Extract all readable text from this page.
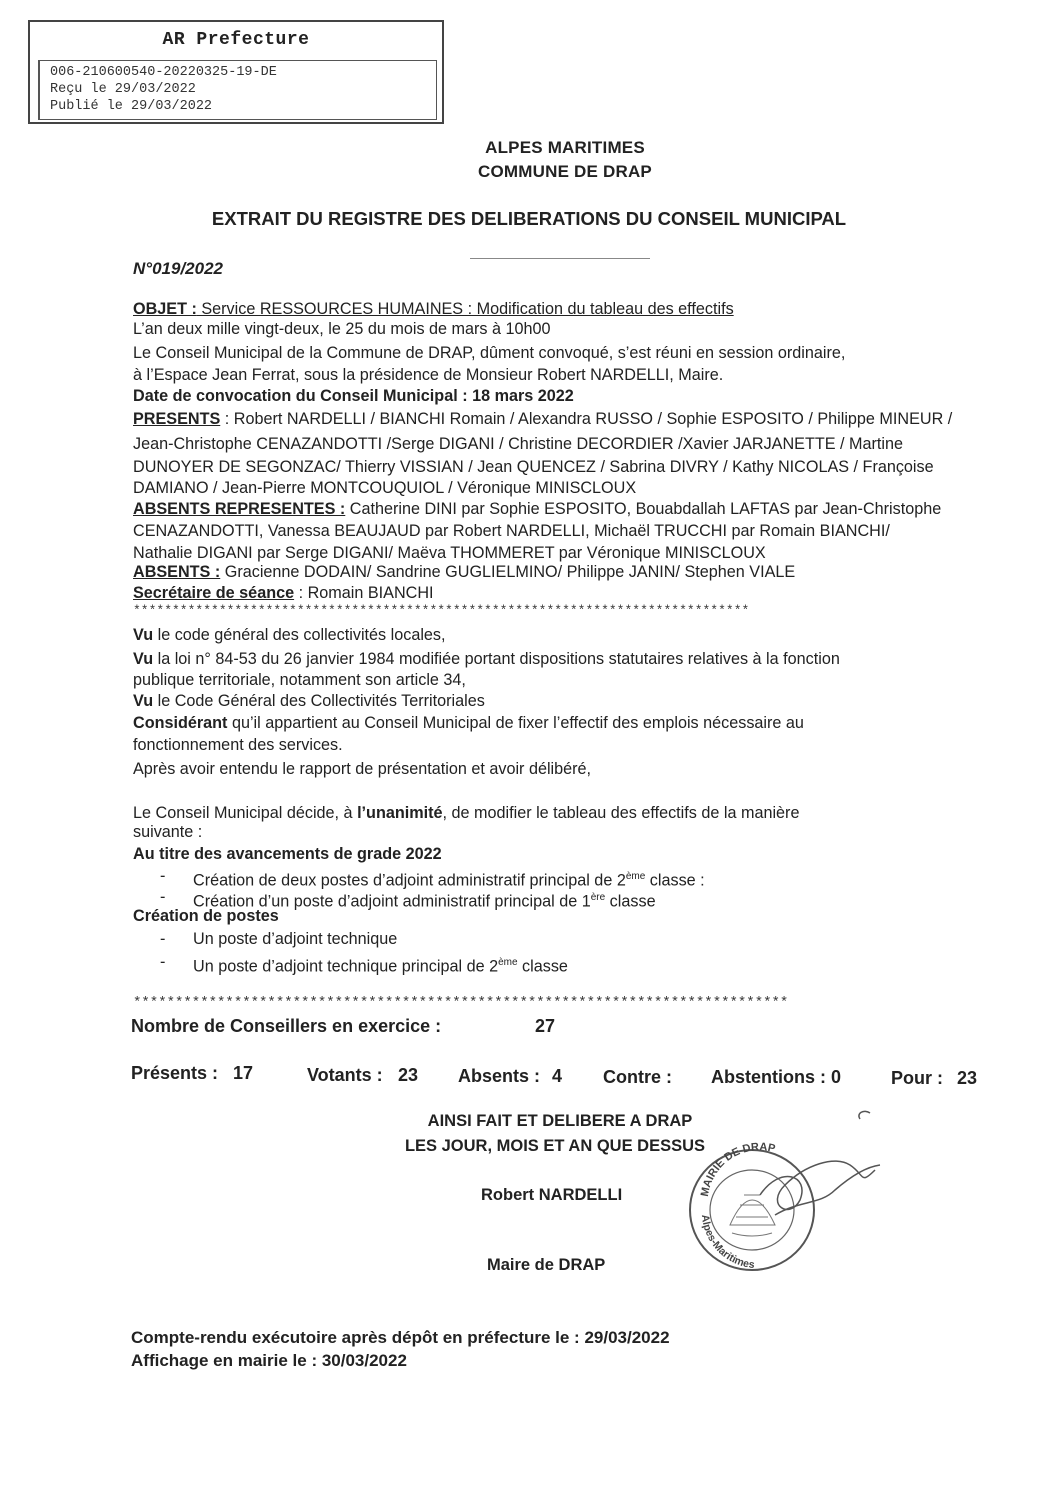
AR Prefecture
006-210600540-20220325-19-DE
Reçu le 29/03/2022
Publié le 29/03/2022
ALPES MARITIMES
COMMUNE DE DRAP
EXTRAIT DU REGISTRE DES DELIBERATIONS DU CONSEIL MUNICIPAL
N°019/2022
OBJET : Service RESSOURCES HUMAINES : Modification du tableau des effectifs
L’an deux mille vingt-deux, le 25 du mois de mars à 10h00
Le Conseil Municipal de la Commune de DRAP, dûment convoqué, s’est réuni en session ordinaire,
à l’Espace Jean Ferrat, sous la présidence de Monsieur Robert NARDELLI, Maire.
Date de convocation du Conseil Municipal : 18 mars 2022
PRESENTS : Robert NARDELLI / BIANCHI Romain / Alexandra RUSSO / Sophie ESPOSITO / Philippe MINEUR /
Jean-Christophe CENAZANDOTTI /Serge DIGANI / Christine DECORDIER /Xavier JARJANETTE / Martine
DUNOYER DE SEGONZAC/ Thierry VISSIAN / Jean QUENCEZ / Sabrina DIVRY / Kathy NICOLAS / Françoise
DAMIANO / Jean-Pierre MONTCOUQUIOL / Véronique MINISCLOUX
ABSENTS REPRESENTES : Catherine DINI par Sophie ESPOSITO, Bouabdallah LAFTAS par Jean-Christophe
CENAZANDOTTI, Vanessa BEAUJAUD par Robert NARDELLI, Michaël TRUCCHI par Romain BIANCHI/
Nathalie DIGANI par Serge DIGANI/ Maëva THOMMERET par Véronique MINISCLOUX
ABSENTS : Gracienne DODAIN/ Sandrine GUGLIELMINO/ Philippe JANIN/ Stephen VIALE
Secrétaire de séance : Romain BIANCHI
*******************************************************************************
Vu le code général des collectivités locales,
Vu la loi n° 84-53 du 26 janvier 1984 modifiée portant dispositions statutaires relatives à la fonction
publique territoriale, notamment son article 34,
Vu le Code Général des Collectivités Territoriales
Considérant qu’il appartient au Conseil Municipal de fixer l’effectif des emplois nécessaire au
fonctionnement des services.
Après avoir entendu le rapport de présentation et avoir délibéré,
Le Conseil Municipal décide, à l’unanimité, de modifier le tableau des effectifs de la manière
suivante :
Au titre des avancements de grade 2022
- Création de deux postes d’adjoint administratif principal de 2ème classe :
- Création d’un poste d’adjoint administratif principal de 1ère classe
Création de postes
- Un poste d’adjoint technique
- Un poste d’adjoint technique principal de 2ème classe
******************************************************************************
Nombre de Conseillers en exercice :	27
Présents : 17	Votants : 23 Absents : 4 Contre : Abstentions : 0	Pour : 23
AINSI FAIT ET DELIBERE A DRAP
LES JOUR, MOIS ET AN QUE DESSUS
Robert NARDELLI
Maire de DRAP
MAIRIE DE DRAP
Alpes-Maritimes
Compte-rendu exécutoire après dépôt en préfecture le : 29/03/2022
Affichage en mairie le : 30/03/2022
